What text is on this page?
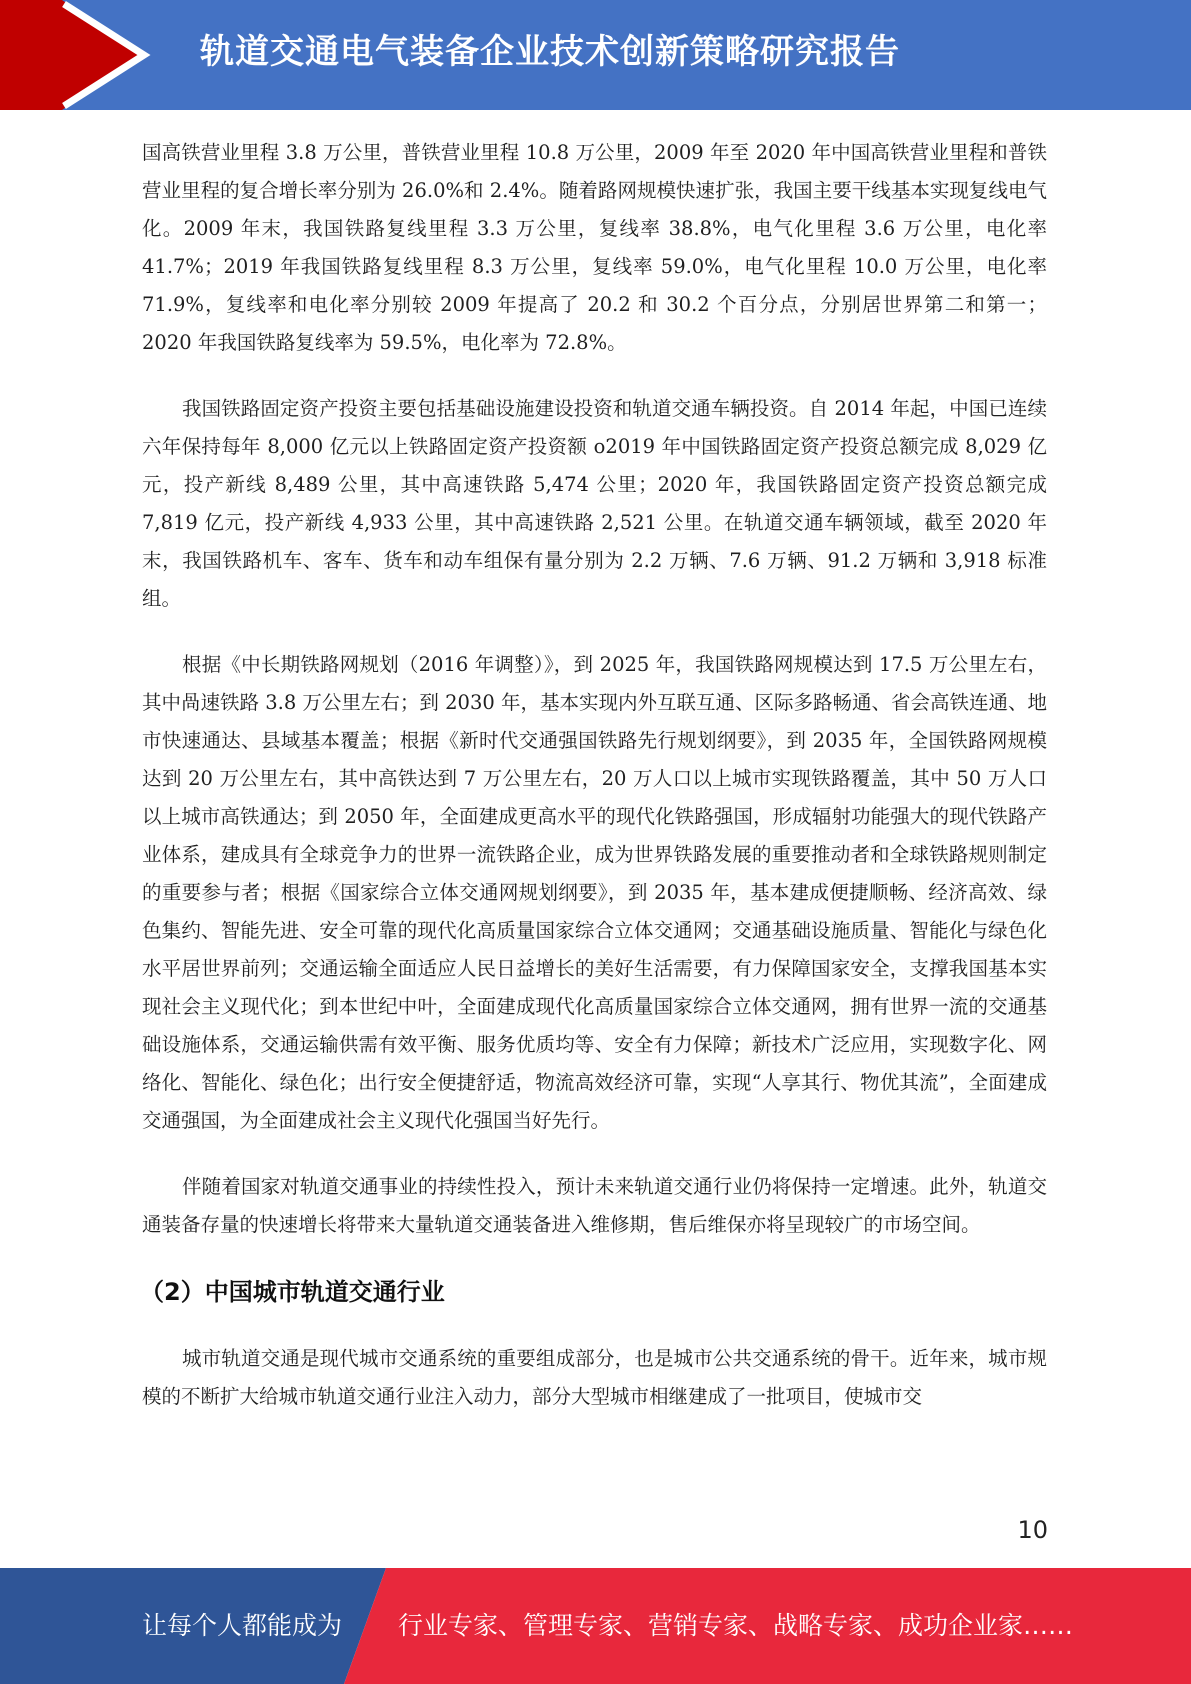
轨道交通电气装备企业技术创新策略研究报告

国高铁营业里程 3.8 万公里，普铁营业里程 10.8 万公里，2009 年至 2020 年中国高铁营业里程和普铁营业里程的复合增长率分别为 26.0%和 2.4%。随着路网规模快速扩张，我国主要干线基本实现复线电气化。2009 年末，我国铁路复线里程 3.3 万公里，复线率 38.8%，电气化里程 3.6 万公里，电化率 41.7%；2019 年我国铁路复线里程 8.3 万公里，复线率 59.0%，电气化里程 10.0 万公里，电化率 71.9%，复线率和电化率分别较 2009 年提高了 20.2 和 30.2 个百分点，分别居世界第二和第一；2020 年我国铁路复线率为 59.5%，电化率为 72.8%。

我国铁路固定资产投资主要包括基础设施建设投资和轨道交通车辆投资。自 2014 年起，中国已连续六年保持每年 8,000 亿元以上铁路固定资产投资额 o2019 年中国铁路固定资产投资总额完成 8,029 亿元，投产新线 8,489 公里，其中高速铁路 5,474 公里；2020 年，我国铁路固定资产投资总额完成 7,819 亿元，投产新线 4,933 公里，其中高速铁路 2,521 公里。在轨道交通车辆领域，截至 2020 年末，我国铁路机车、客车、货车和动车组保有量分别为 2.2 万辆、7.6 万辆、91.2 万辆和 3,918 标准组。

根据《中长期铁路网规划（2016 年调整）》，到 2025 年，我国铁路网规模达到 17.5 万公里左右，其中咼速铁路 3.8 万公里左右；到 2030 年，基本实现内外互联互通、区际多路畅通、省会高铁连通、地市快速通达、县域基本覆盖；根据《新时代交通强国铁路先行规划纲要》，到 2035 年，全国铁路网规模达到 20 万公里左右，其中高铁达到 7 万公里左右，20 万人口以上城市实现铁路覆盖，其中 50 万人口以上城市高铁通达；到 2050 年，全面建成更高水平的现代化铁路强国，形成辐射功能强大的现代铁路产业体系，建成具有全球竞争力的世界一流铁路企业，成为世界铁路发展的重要推动者和全球铁路规则制定的重要参与者；根据《国家综合立体交通网规划纲要》，到 2035 年，基本建成便捷顺畅、经济高效、绿色集约、智能先进、安全可靠的现代化高质量国家综合立体交通网；交通基础设施质量、智能化与绿色化水平居世界前列；交通运输全面适应人民日益增长的美好生活需要，有力保障国家安全，支撑我国基本实现社会主义现代化；到本世纪中叶，全面建成现代化高质量国家综合立体交通网，拥有世界一流的交通基础设施体系，交通运输供需有效平衡、服务优质均等、安全有力保障；新技术广泛应用，实现数字化、网络化、智能化、绿色化；出行安全便捷舒适，物流高效经济可靠，实现“人享其行、物优其流”，全面建成交通强国，为全面建成社会主义现代化强国当好先行。

伴随着国家对轨道交通事业的持续性投入，预计未来轨道交通行业仍将保持一定增速。此外，轨道交通装备存量的快速增长将带来大量轨道交通装备进入维修期，售后维保亦将呈现较广的市场空间。

（2）中国城市轨道交通行业

城市轨道交通是现代城市交通系统的重要组成部分，也是城市公共交通系统的骨干。近年来，城市规模的不断扩大给城市轨道交通行业注入动力，部分大型城市相继建成了一批项目，使城市交

10
让每个人都能成为 行业专家、管理专家、营销专家、战略专家、成功企业家……
